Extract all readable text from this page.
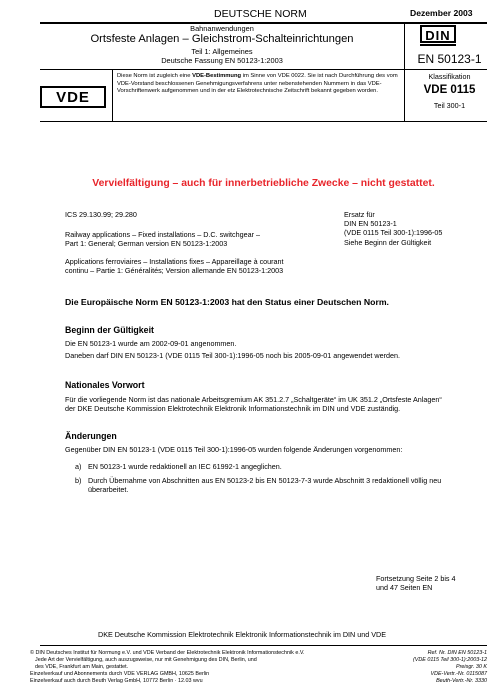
DEUTSCHE NORM	Dezember 2003
Bahnanwendungen
Ortsfeste Anlagen – Gleichstrom-Schalteinrichtungen
Teil 1: Allgemeines
Deutsche Fassung EN 50123-1:2003
DIN
EN 50123-1
VDE
Diese Norm ist zugleich eine VDE-Bestimmung im Sinne von VDE 0022. Sie ist nach Durchführung des vom VDE-Vorstand beschlossenen Genehmigungsverfahrens unter nebenstehenden Nummern in das VDE-Vorschriftenwerk aufgenommen und in der etz Elektrotechnische Zeitschrift bekannt gegeben worden.
Klassifikation
VDE 0115
Teil 300-1
Vervielfältigung – auch für innerbetriebliche Zwecke – nicht gestattet.
ICS 29.130.99; 29.280	Ersatz für
DIN EN 50123-1
(VDE 0115 Teil 300-1):1996-05
Siehe Beginn der Gültigkeit
Railway applications – Fixed installations – D.C. switchgear –
Part 1: General; German version EN 50123-1:2003
Applications ferroviaires – Installations fixes – Appareillage à courant
continu – Partie 1: Généralités; Version allemande EN 50123-1:2003
Die Europäische Norm EN 50123-1:2003 hat den Status einer Deutschen Norm.
Beginn der Gültigkeit
Die EN 50123-1 wurde am 2002-09-01 angenommen.
Daneben darf DIN EN 50123-1 (VDE 0115 Teil 300-1):1996-05 noch bis 2005-09-01 angewendet werden.
Nationales Vorwort
Für die vorliegende Norm ist das nationale Arbeitsgremium AK 351.2.7 „Schaltgeräte“ im UK 351.2 „Ortsfeste Anlagen“
der DKE Deutsche Kommission Elektrotechnik Elektronik Informationstechnik im DIN und VDE zuständig.
Änderungen
Gegenüber DIN EN 50123-1 (VDE 0115 Teil 300-1):1996-05 wurden folgende Änderungen vorgenommen:
a) EN 50123-1 wurde redaktionell an IEC 61992-1 angeglichen.
b) Durch Übernahme von Abschnitten aus EN 50123-2 bis EN 50123-7-3 wurde Abschnitt 3 redaktionell völlig neu
überarbeitet.
Fortsetzung Seite 2 bis 4
und 47 Seiten EN
DKE Deutsche Kommission Elektrotechnik Elektronik Informationstechnik im DIN und VDE
© DIN Deutsches Institut für Normung e.V. und VDE Verband der Elektrotechnik Elektronik Informationstechnik e.V.
Jede Art der Vervielfältigung, auch auszugsweise, nur mit Genehmigung des DIN, Berlin, und
des VDE, Frankfurt am Main, gestattet.
Einzelverkauf und Abonnements durch VDE VERLAG GMBH, 10625 Berlin
Einzelverkauf auch durch Beuth Verlag GmbH, 10772 Berlin · 12.03 wvu
Ref. Nr. DIN EN 50123-1
(VDE 0115 Teil 300-1):2003-12
Preisgr. 30 K
VDE-Vertr.-Nr. 0115087
Beuth-Vertr.-Nr. 3330
